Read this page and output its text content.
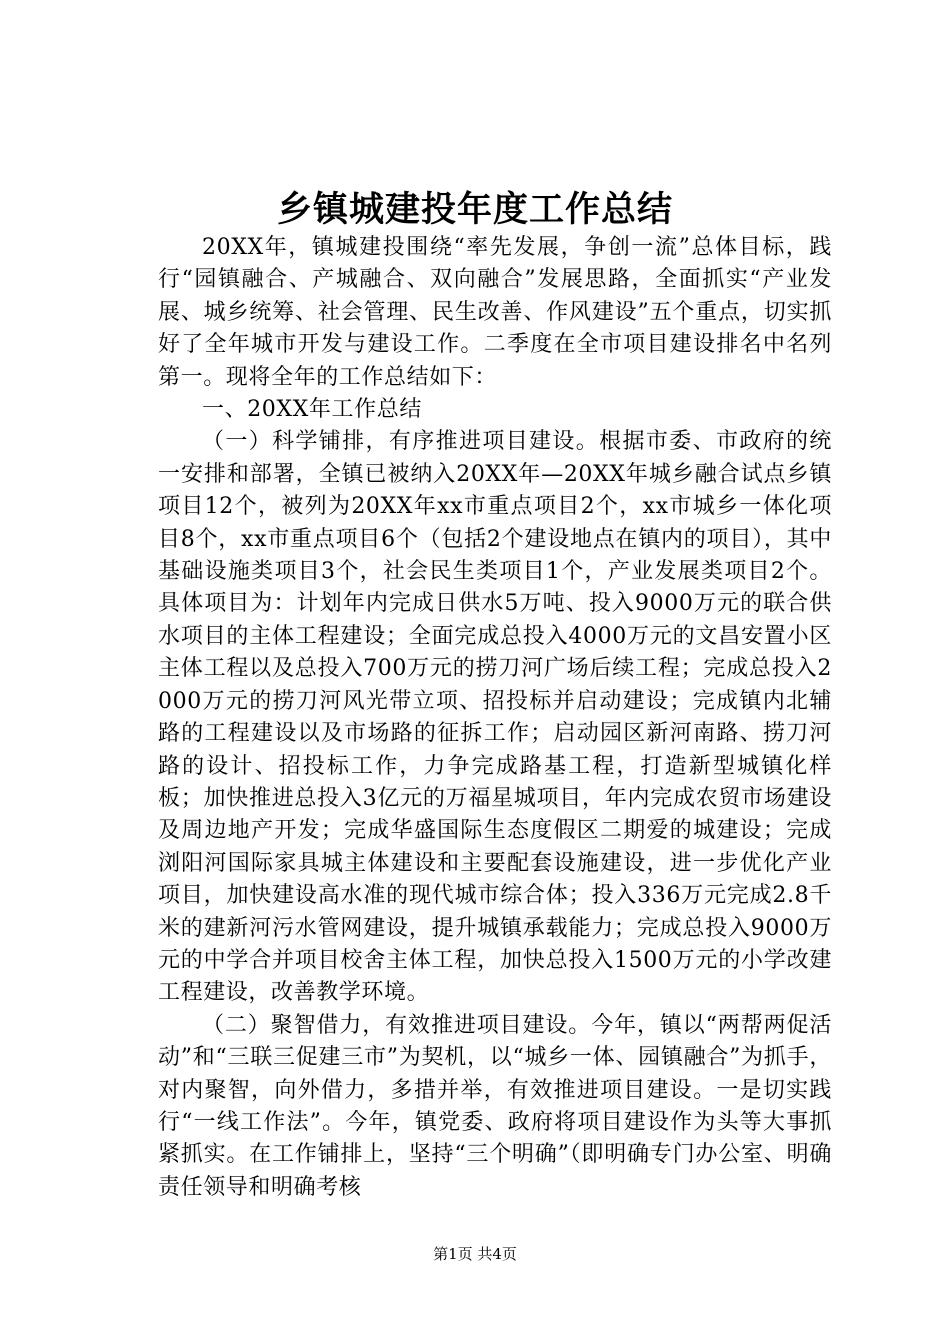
乡镇城建投年度工作总结

20XX年，镇城建投围绕“率先发展，争创一流”总体目标，践行“园镇融合、产城融合、双向融合”发展思路，全面抓实“产业发展、城乡统筹、社会管理、民生改善、作风建设”五个重点，切实抓好了全年城市开发与建设工作。二季度在全市项目建设排名中名列第一。现将全年的工作总结如下：

一、20XX年工作总结

（一）科学铺排，有序推进项目建设。根据市委、市政府的统一安排和部署，全镇已被纳入20XX年—20XX年城乡融合试点乡镇项目12个，被列为20XX年xx市重点项目2个，xx市城乡一体化项目8个，xx市重点项目6个（包括2个建设地点在镇内的项目），其中基础设施类项目3个，社会民生类项目1个，产业发展类项目2个。具体项目为：计划年内完成日供水5万吨、投入9000万元的联合供水项目的主体工程建设；全面完成总投入4000万元的文昌安置小区主体工程以及总投入700万元的捞刀河广场后续工程；完成总投入2000万元的捞刀河风光带立项、招投标并启动建设；完成镇内北辅路的工程建设以及市场路的征拆工作；启动园区新河南路、捞刀河路的设计、招投标工作，力争完成路基工程，打造新型城镇化样板；加快推进总投入3亿元的万福星城项目，年内完成农贸市场建设及周边地产开发；完成华盛国际生态度假区二期爱的城建设；完成浏阳河国际家具城主体建设和主要配套设施建设，进一步优化产业项目，加快建设高水准的现代城市综合体；投入336万元完成2.8千米的建新河污水管网建设，提升城镇承载能力；完成总投入9000万元的中学合并项目校舍主体工程，加快总投入1500万元的小学改建工程建设，改善教学环境。

（二）聚智借力，有效推进项目建设。今年，镇以“两帮两促活动”和“三联三促建三市”为契机，以“城乡一体、园镇融合”为抓手，对内聚智，向外借力，多措并举，有效推进项目建设。一是切实践行“一线工作法”。今年，镇党委、政府将项目建设作为头等大事抓紧抓实。在工作铺排上，坚持“三个明确”（即明确专门办公室、明确责任领导和明确考核

第1页 共4页
